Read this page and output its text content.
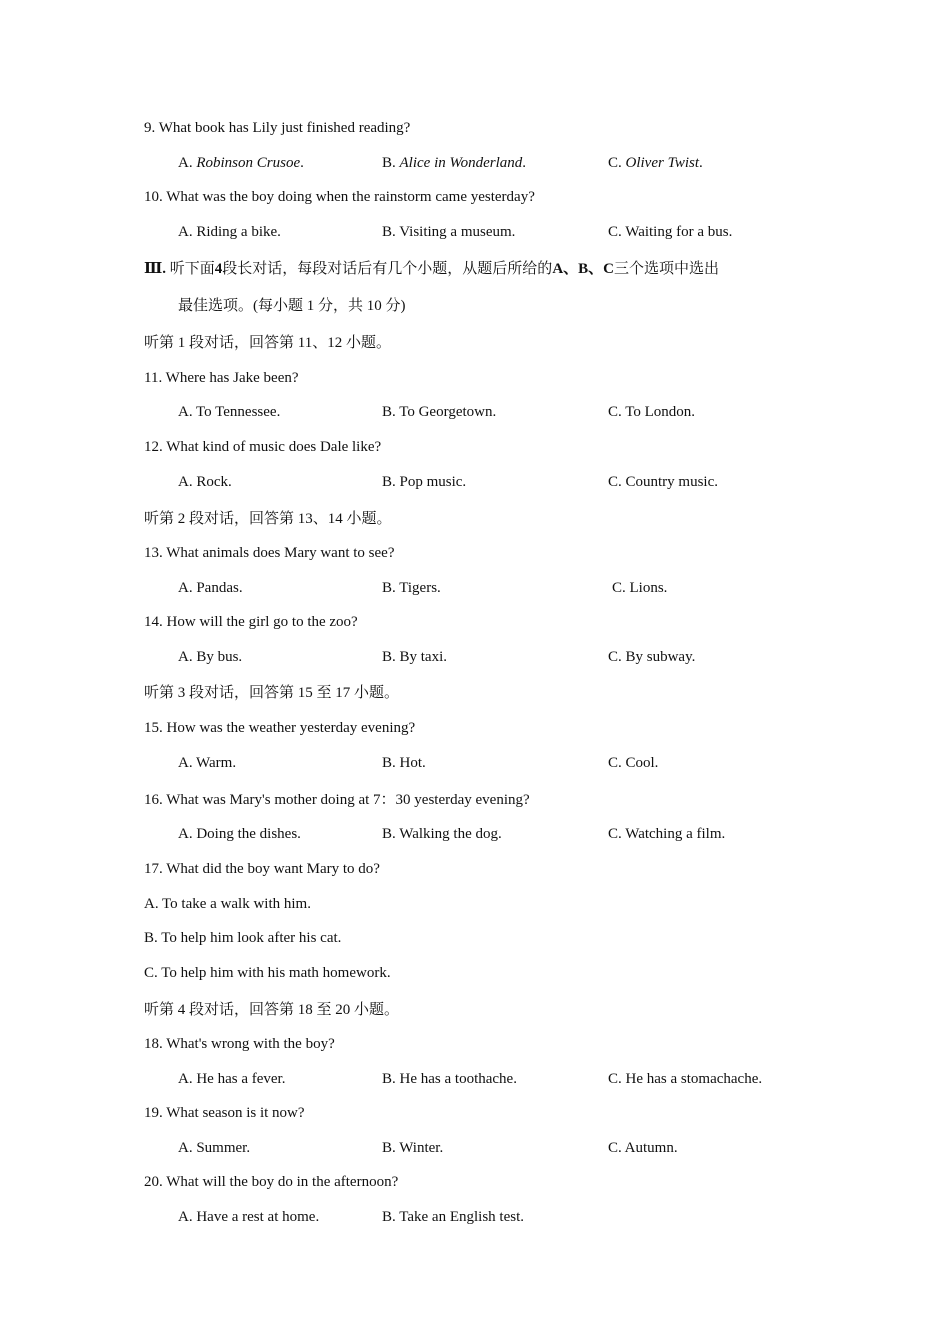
9. What book has Lily just finished reading?
A. Robinson Crusoe.	B. Alice in Wonderland.	C. Oliver Twist.
10. What was the boy doing when the rainstorm came yesterday?
A. Riding a bike.	B. Visiting a museum.	C. Waiting for a bus.
Ⅲ. 听下面4段长对话，每段对话后有几个小题，从题后所给的A、B、C三个选项中选出
最佳选项。(每小题 1 分，共 10 分)
听第 1 段对话，回答第 11、12 小题。
11. Where has Jake been?
A. To Tennessee.	B. To Georgetown.	C. To London.
12. What kind of music does Dale like?
A. Rock.	B. Pop music.	C. Country music.
听第 2 段对话，回答第 13、14 小题。
13. What animals does Mary want to see?
A. Pandas.	B. Tigers.	C. Lions.
14. How will the girl go to the zoo?
A. By bus.	B. By taxi.	C. By subway.
听第 3 段对话，回答第 15 至 17 小题。
15. How was the weather yesterday evening?
A. Warm.	B. Hot.	C. Cool.
16. What was Mary's mother doing at 7：30 yesterday evening?
A. Doing the dishes.	B. Walking the dog.	C. Watching a film.
17. What did the boy want Mary to do?
A. To take a walk with him.
B. To help him look after his cat.
C. To help him with his math homework.
听第 4 段对话，回答第 18 至 20 小题。
18. What's wrong with the boy?
A. He has a fever.	B. He has a toothache.	C. He has a stomachache.
19. What season is it now?
A. Summer.	B. Winter.	C. Autumn.
20. What will the boy do in the afternoon?
A. Have a rest at home.	B. Take an English test.
